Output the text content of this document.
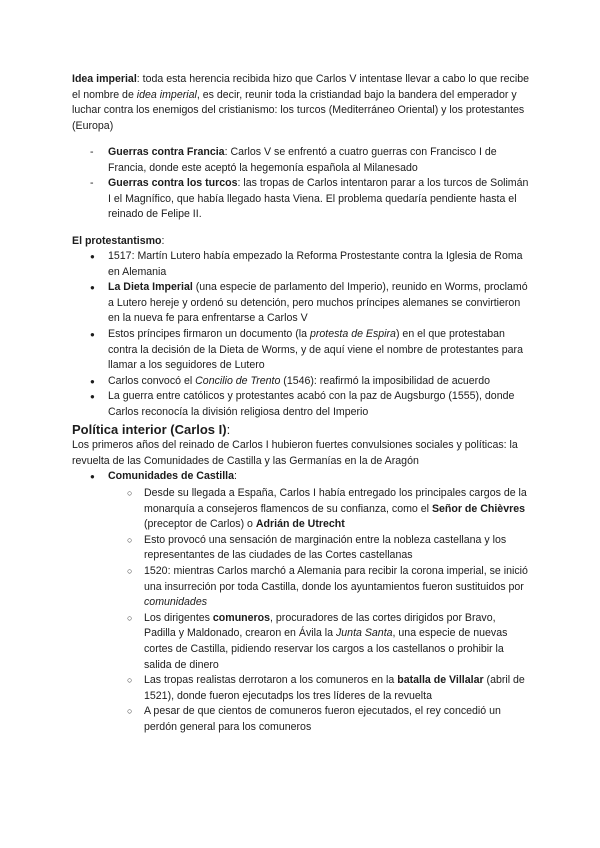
Idea imperial: toda esta herencia recibida hizo que Carlos V intentase llevar a cabo lo que recibe el nombre de idea imperial, es decir, reunir toda la cristiandad bajo la bandera del emperador y luchar contra los enemigos del cristianismo: los turcos (Mediterráneo Oriental) y los protestantes (Europa)

- Guerras contra Francia: Carlos V se enfrentó a cuatro guerras con Francisco I de Francia, donde este aceptó la hegemonía española al Milanesado
- Guerras contra los turcos: las tropas de Carlos intentaron parar a los turcos de Solimán I el Magnífico, que había llegado hasta Viena. El problema quedaría pendiente hasta el reinado de Felipe II.

El protestantismo:

● 1517: Martín Lutero había empezado la Reforma Prostestante contra la Iglesia de Roma en Alemania
● La Dieta Imperial (una especie de parlamento del Imperio), reunido en Worms, proclamó a Lutero hereje y ordenó su detención, pero muchos príncipes alemanes se convirtieron en la nueva fe para enfrentarse a Carlos V
● Estos príncipes firmaron un documento (la protesta de Espira) en el que protestaban contra la decisión de la Dieta de Worms, y de aquí viene el nombre de protestantes para llamar a los seguidores de Lutero
● Carlos convocó el Concilio de Trento (1546): reafirmó la imposibilidad de acuerdo
● La guerra entre católicos y protestantes acabó con la paz de Augsburgo (1555), donde Carlos reconocía la división religiosa dentro del Imperio

Política interior (Carlos I):

Los primeros años del reinado de Carlos I hubieron fuertes convulsiones sociales y políticas: la revuelta de las Comunidades de Castilla y las Germanías en la de Aragón

● Comunidades de Castilla:
○ Desde su llegada a España, Carlos I había entregado los principales cargos de la monarquía a consejeros flamencos de su confianza, como el Señor de Chièvres (preceptor de Carlos) o Adrián de Utrecht
○ Esto provocó una sensación de marginación entre la nobleza castellana y los representantes de las ciudades de las Cortes castellanas
○ 1520: mientras Carlos marchó a Alemania para recibir la corona imperial, se inició una insurreción por toda Castilla, donde los ayuntamientos fueron sustituidos por comunidades
○ Los dirigentes comuneros, procuradores de las cortes dirigidos por Bravo, Padilla y Maldonado, crearon en Ávila la Junta Santa, una especie de nuevas cortes de Castilla, pidiendo reservar los cargos a los castellanos o prohibir la salida de dinero
○ Las tropas realistas derrotaron a los comuneros en la batalla de Villalar (abril de 1521), donde fueron ejecutadps los tres líderes de la revuelta
○ A pesar de que cientos de comuneros fueron ejecutados, el rey concedió un perdón general para los comuneros
